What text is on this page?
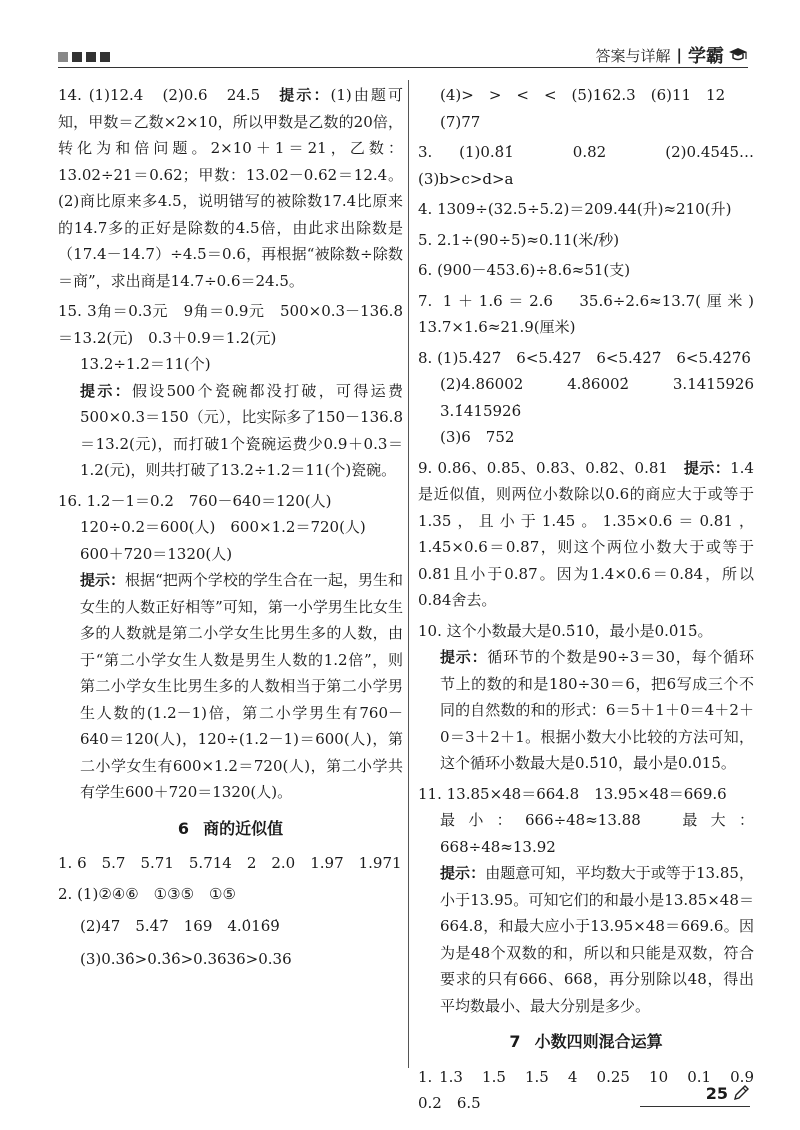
答案与详解 | 学霸
14. (1)12.4　(2)0.6　24.5　提示：(1)由题可知，甲数＝乙数×2×10，所以甲数是乙数的20倍，转化为和倍问题。2×10＋1＝21，乙数：13.02÷21＝0.62；甲数：13.02－0.62＝12.4。(2)商比原来多4.5，说明错写的被除数17.4比原来的14.7多的正好是除数的4.5倍，由此求出除数是（17.4－14.7）÷4.5＝0.6，再根据“被除数÷除数＝商”，求出商是14.7÷0.6＝24.5。
15. 3角＝0.3元　9角＝0.9元　500×0.3－136.8＝13.2(元)　0.3＋0.9＝1.2(元)
13.2÷1.2＝11(个)
提示：假设500个瓷碗都没打破，可得运费500×0.3＝150（元），比实际多了150－136.8＝13.2(元)，而打破1个瓷碗运费少0.9＋0.3＝1.2(元)，则共打破了13.2÷1.2＝11(个)瓷碗。
16. 1.2－1＝0.2　760－640＝120(人)
120÷0.2＝600(人)　600×1.2＝720(人)
600＋720＝1320(人)
提示：根据“把两个学校的学生合在一起，男生和女生的人数正好相等”可知，第一小学男生比女生多的人数就是第二小学女生比男生多的人数，由于“第二小学女生人数是男生人数的1.2倍”，则第二小学女生比男生多的人数相当于第二小学男生人数的(1.2－1)倍，第二小学男生有760－640＝120(人)，120÷(1.2－1)＝600(人)，第二小学女生有600×1.2＝720(人)，第二小学共有学生600＋720＝1320(人)。
6 商的近似值
1. 6　5.7　5.71　5.714　2　2.0　1.97　1.971
2. (1)②④⑥　①③⑤　①⑤
(2)47　5.4̇7̇　169　4.0̇16̇9̇
(3)0.36̇>0.3̇6̇>0.3636>0.36
(4)>　>　<　<　(5)162.3　(6)11　12
(7)77
3. (1)0.8̇1̇　0.82　(2)0.4545…　(3)b>c>d>a
4. 1309÷(32.5÷5.2)＝209.44(升)≈210(升)
5. 2.1÷(90÷5)≈0.11(米/秒)
6. (900－453.6)÷8.6≈51(支)
7. 1＋1.6＝2.6　35.6÷2.6≈13.7(厘米)　13.7×1.6≈21.9(厘米)
8. (1)5.4̇27̇　6<5.4̇27　6<5.42̇7̇　6<5.42̇7̇6̇
(2)4.86002　4.8̇6002̇　3.1415926　3.1̇415926̇
(3)6　752
9. 0.86、0.85、0.83、0.82、0.81　提示：1.4是近似值，则两位小数除以0.6的商应大于或等于1.35，且小于1.45。1.35×0.6＝0.81，1.45×0.6＝0.87，则这个两位小数大于或等于0.81且小于0.87。因为1.4×0.6＝0.84，所以0.84舍去。
10. 这个小数最大是0.5̇10̇，最小是0.0̇15̇。
提示：循环节的个数是90÷3＝30，每个循环节上的数的和是180÷30＝6，把6写成三个不同的自然数的和的形式：6＝5＋1＋0＝4＋2＋0＝3＋2＋1。根据小数大小比较的方法可知，这个循环小数最大是0.5̇10̇，最小是0.0̇15̇。
11. 13.85×48＝664.8　13.95×48＝669.6
最小：666÷48≈13.88　最大：668÷48≈13.92
提示：由题意可知，平均数大于或等于13.85，小于13.95。可知它们的和最小是13.85×48＝664.8，和最大应小于13.95×48＝669.6。因为是48个双数的和，所以和只能是双数，符合要求的只有666、668，再分别除以48，得出平均数最小、最大分别是多少。
7 小数四则混合运算
1. 1.3　1.5　1.5　4　0.25　10　0.1　0.9　0.2　6.5	25
